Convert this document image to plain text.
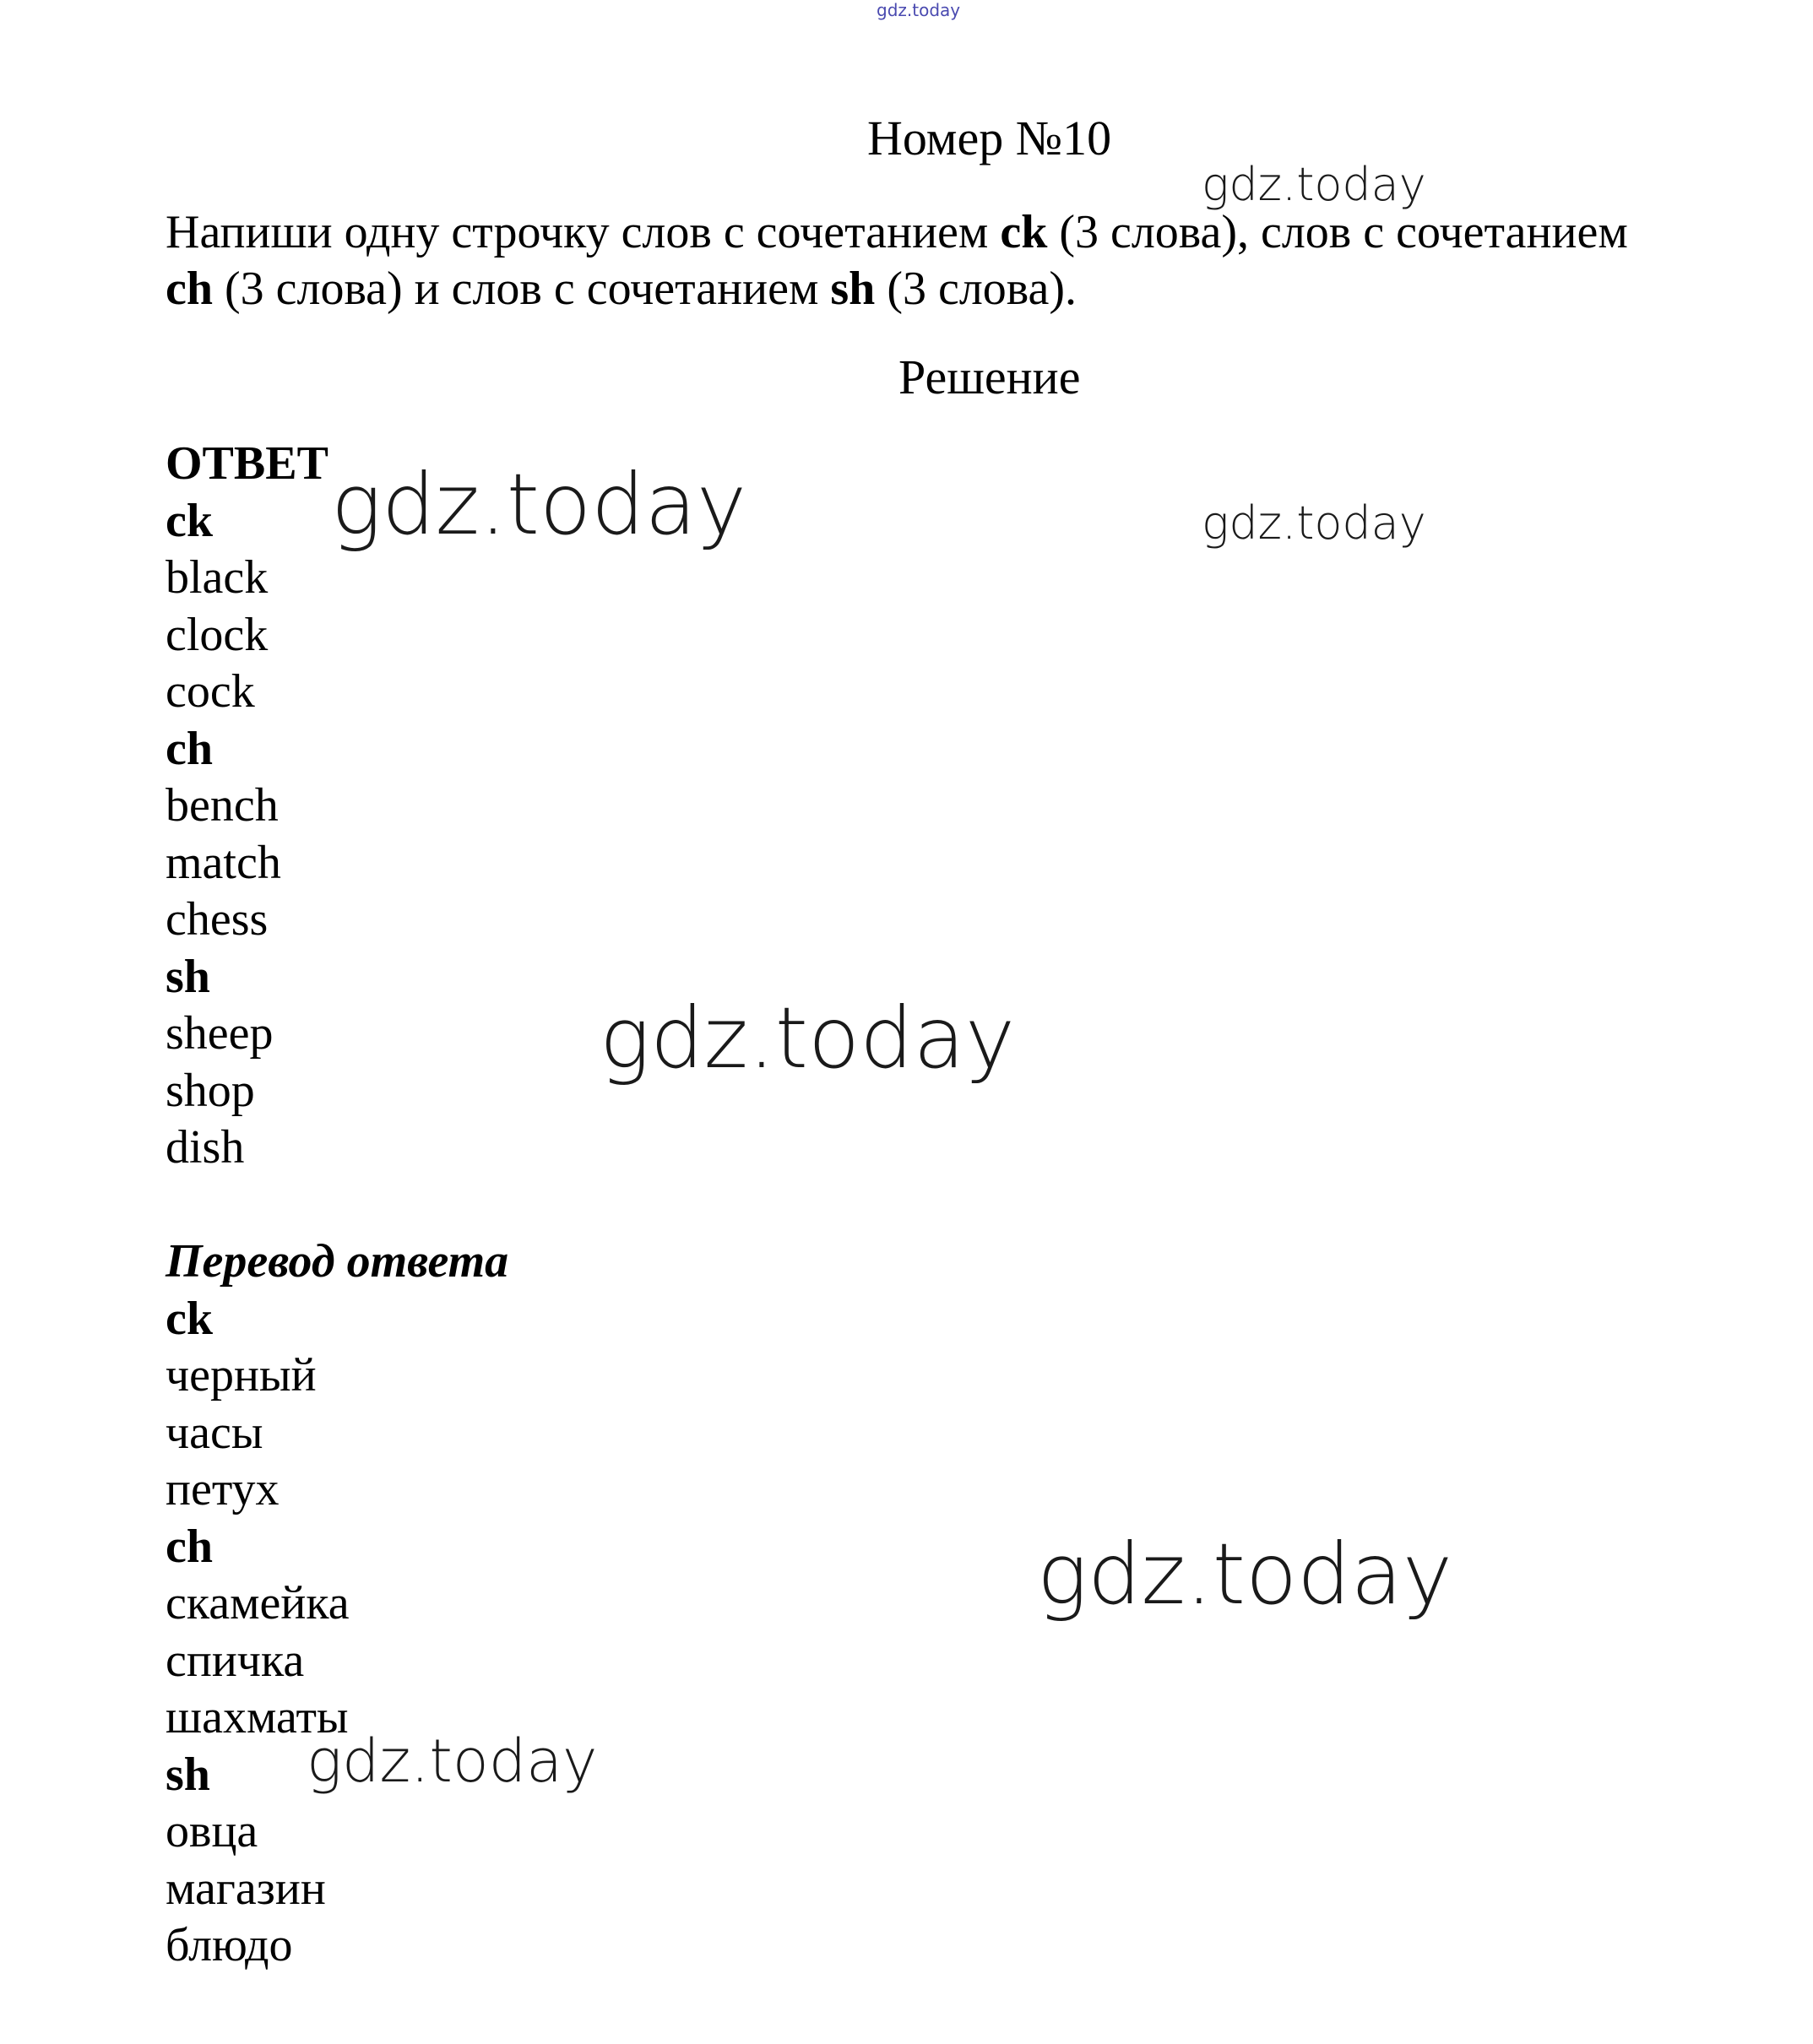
gdz.today
Номер №10
Напиши одну строчку слов с сочетанием ck (3 слова), слов с сочетанием ch (3 слова) и слов с сочетанием sh (3 слова).
Решение
ОТВЕТ
ck
black
clock
cock
ch
bench
match
chess
sh
sheep
shop
dish
Перевод ответа
ck
черный
часы
петух
ch
скамейка
спичка
шахматы
sh
овца
магазин
блюдо
gdz.today
gdz.today	gdz.today
gdz.today
gdz.today
gdz.today
